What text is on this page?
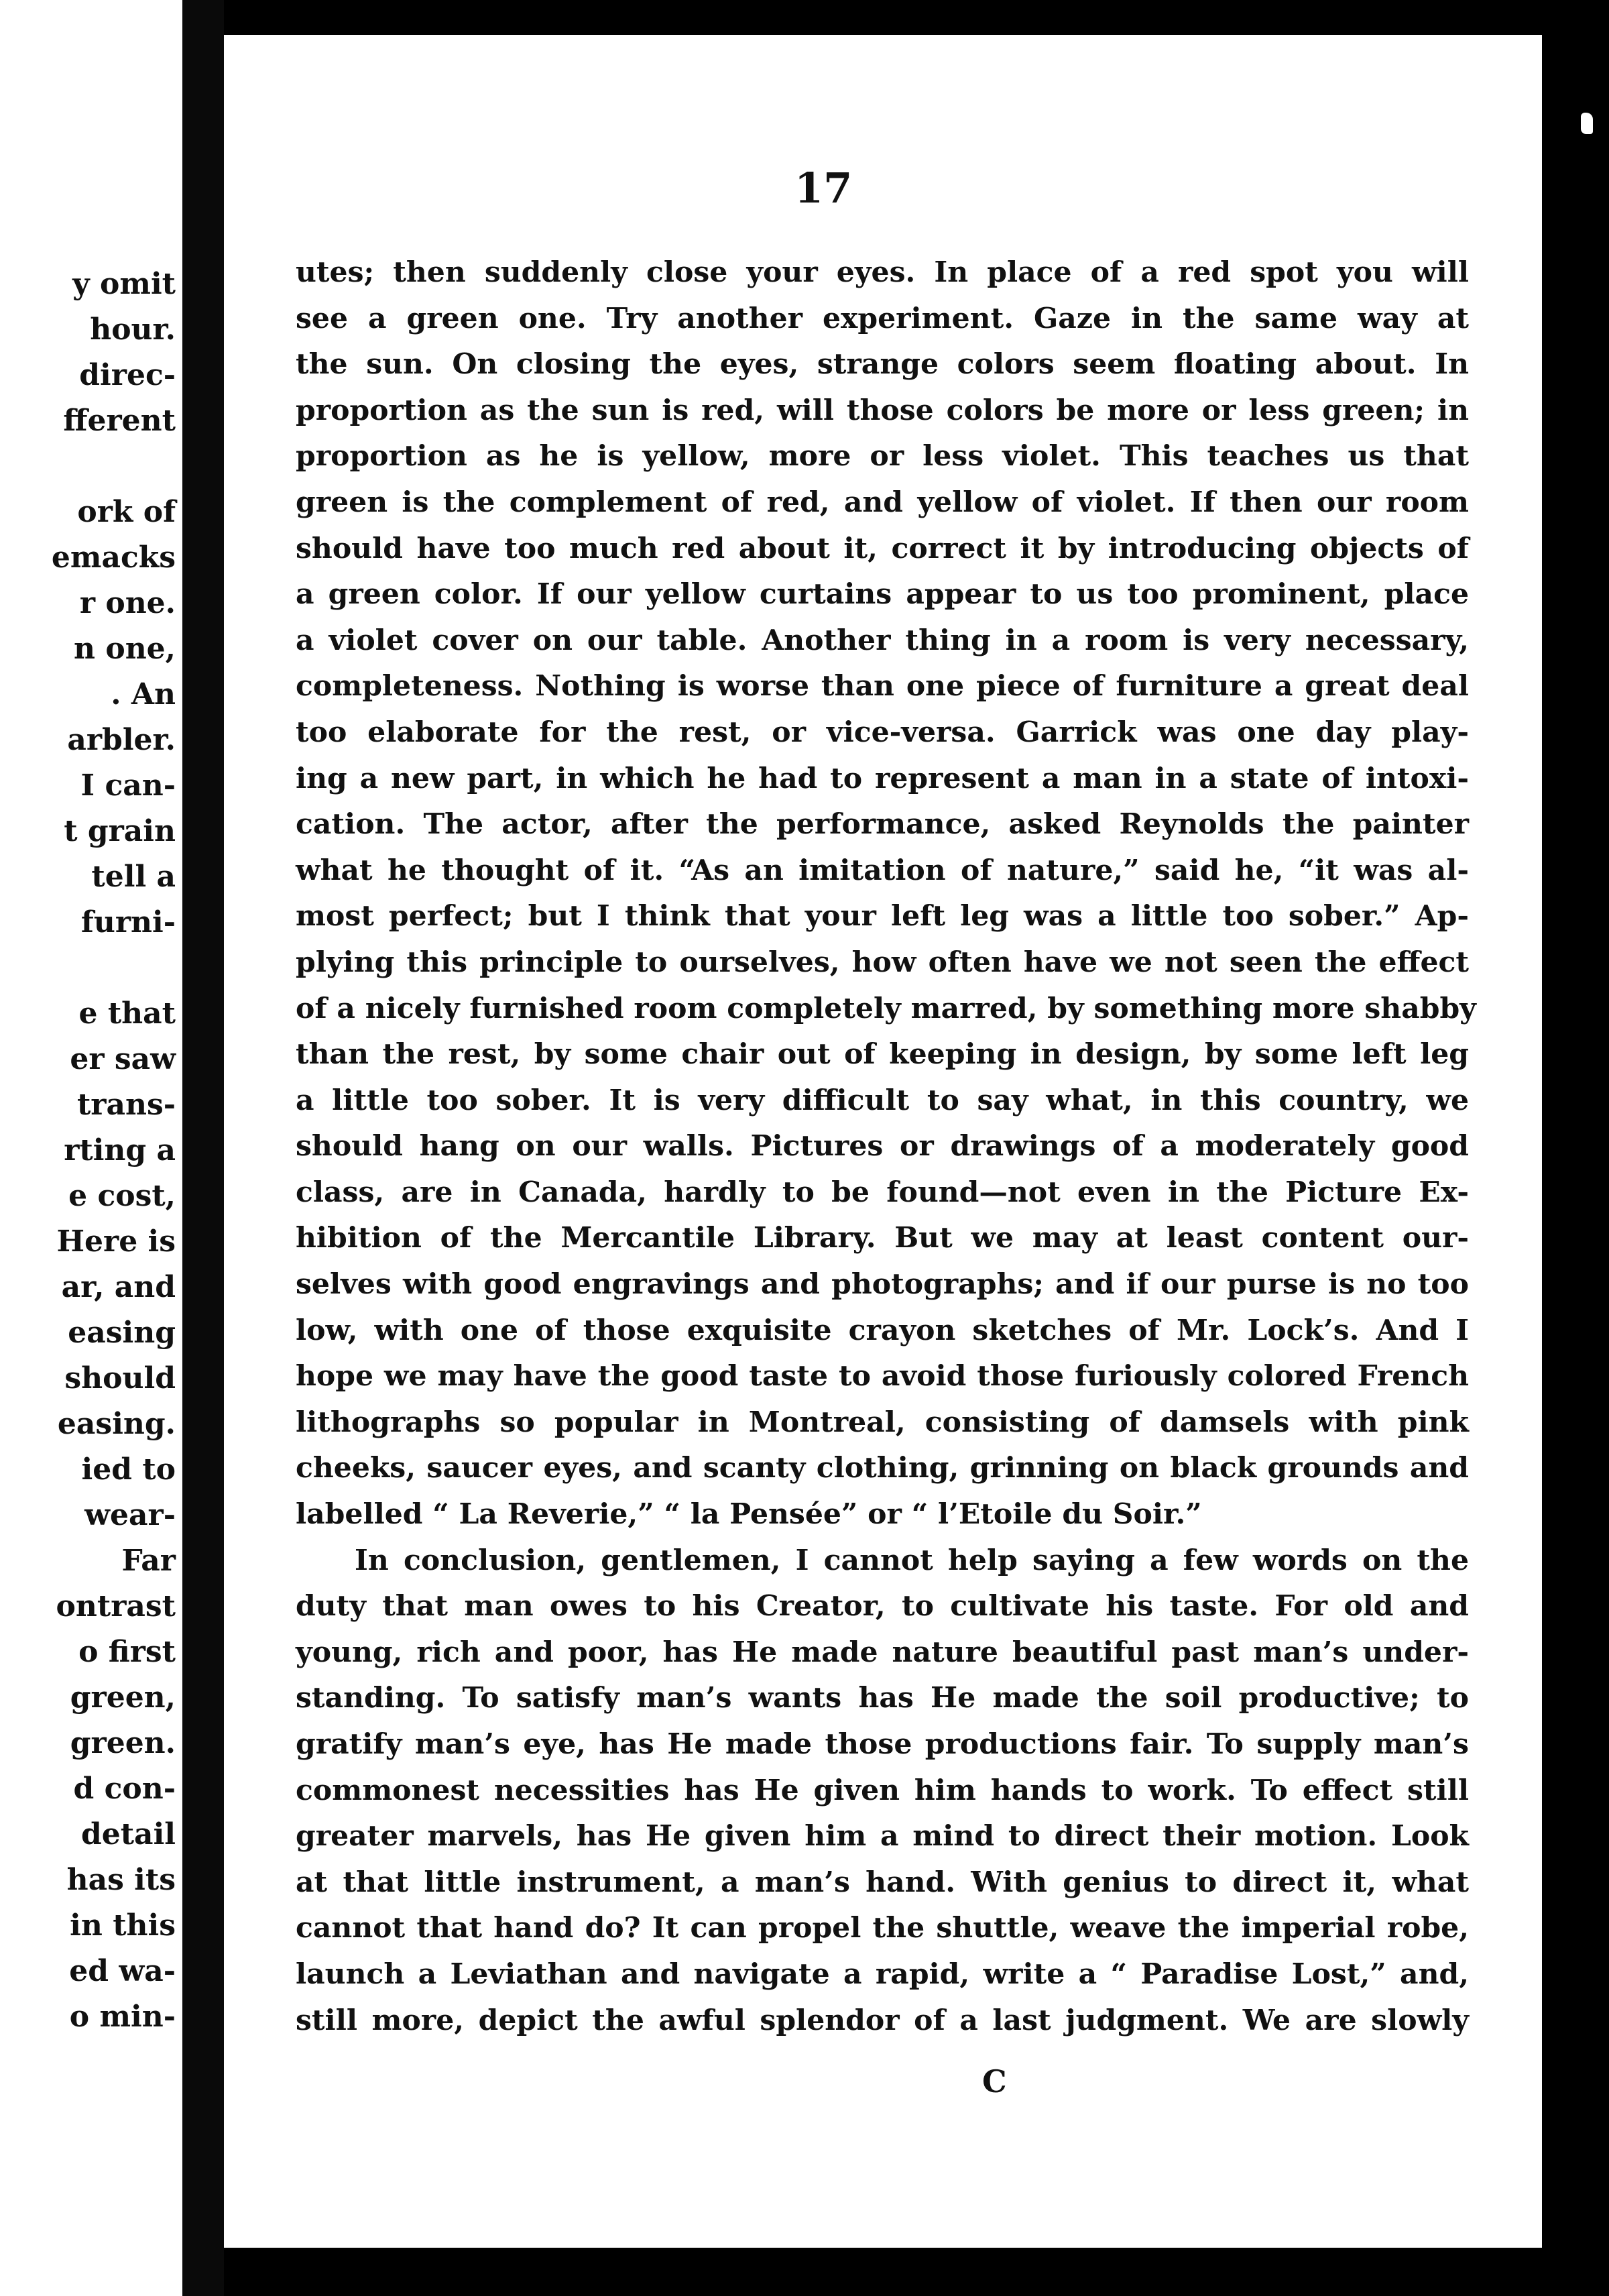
y omit
hour.
direc-
fferent
ork of
emacks
r one.
n one,
. An
arbler.
I can-
t grain
tell a
furni-
e that
er saw
trans-
rting a
e cost,
Here is
ar, and
easing
should
easing.
ied to
wear-
Far
ontrast
o first
green,
green.
d con-
detail
has its
in this
ed wa-
o min-
17
utes; then suddenly close your eyes. In place of a red spot you will
see a green one. Try another experiment. Gaze in the same way at
the sun. On closing the eyes, strange colors seem floating about. In
proportion as the sun is red, will those colors be more or less green; in
proportion as he is yellow, more or less violet. This teaches us that
green is the complement of red, and yellow of violet. If then our room
should have too much red about it, correct it by introducing objects of
a green color. If our yellow curtains appear to us too prominent, place
a violet cover on our table. Another thing in a room is very necessary,
completeness. Nothing is worse than one piece of furniture a great deal
too elaborate for the rest, or vice-versa. Garrick was one day play-
ing a new part, in which he had to represent a man in a state of intoxi-
cation. The actor, after the performance, asked Reynolds the painter
what he thought of it. “As an imitation of nature,” said he, “it was al-
most perfect; but I think that your left leg was a little too sober.” Ap-
plying this principle to ourselves, how often have we not seen the effect
of a nicely furnished room completely marred, by something more shabby
than the rest, by some chair out of keeping in design, by some left leg
a little too sober. It is very difficult to say what, in this country, we
should hang on our walls. Pictures or drawings of a moderately good
class, are in Canada, hardly to be found—not even in the Picture Ex-
hibition of the Mercantile Library. But we may at least content our-
selves with good engravings and photographs; and if our purse is no too
low, with one of those exquisite crayon sketches of Mr. Lock’s. And I
hope we may have the good taste to avoid those furiously colored French
lithographs so popular in Montreal, consisting of damsels with pink
cheeks, saucer eyes, and scanty clothing, grinning on black grounds and
labelled “ La Reverie,” “ la Pensée” or “ l’Etoile du Soir.”
In conclusion, gentlemen, I cannot help saying a few words on the
duty that man owes to his Creator, to cultivate his taste. For old and
young, rich and poor, has He made nature beautiful past man’s under-
standing. To satisfy man’s wants has He made the soil productive; to
gratify man’s eye, has He made those productions fair. To supply man’s
commonest necessities has He given him hands to work. To effect still
greater marvels, has He given him a mind to direct their motion. Look
at that little instrument, a man’s hand. With genius to direct it, what
cannot that hand do? It can propel the shuttle, weave the imperial robe,
launch a Leviathan and navigate a rapid, write a “ Paradise Lost,” and,
still more, depict the awful splendor of a last judgment. We are slowly
C
